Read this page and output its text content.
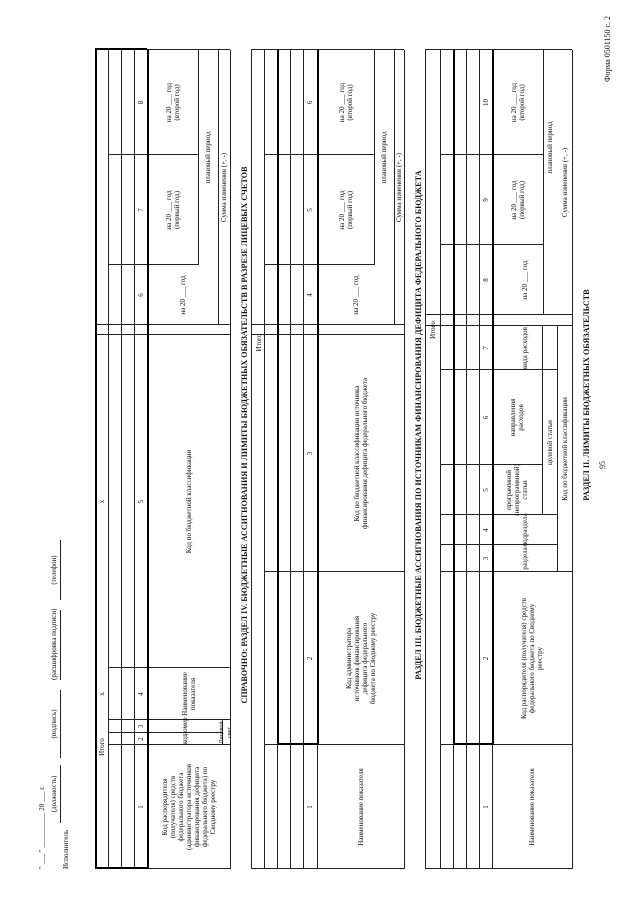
95
Форма 0501150 с. 2
РАЗДЕЛ II. ЛИМИТЫ БЮДЖЕТНЫХ ОБЯЗАТЕЛЬСТВ
Наименование показателя
Код распорядителя (получателя) средств федерального бюджета по Сводному реестру
Код по бюджетной классификации
раздела
подраздела
целевой статьи
программной (непрограммной) статьи
направления расходов
вида расходов
Сумма изменения (+, -)
на 20 ___ год
плановый период
на 20 ___ год (первый год)
на 20 ___ год (второй год)
1
2
3
4
5
6
7
8
9
10
Итого
РАЗДЕЛ III. БЮДЖЕТНЫЕ АССИГНОВАНИЯ ПО ИСТОЧНИКАМ ФИНАНСИРОВАНИЯ ДЕФИЦИТА ФЕДЕРАЛЬНОГО БЮДЖЕТА
Наименование показателя
Код администратора источников финансирования дефицита федерального бюджета по Сводному реестру
Код по бюджетной классификации источника финансирования дефицита федерального бюджета
Сумма изменения (+, -)
на 20 ___ год
плановый период
на 20 ___ год (первый год)
на 20 ___ год (второй год)
1
2
3
4
5
6
Итого
СПРАВОЧНО: РАЗДЕЛ IV. БЮДЖЕТНЫЕ АССИГНОВАНИЯ И ЛИМИТЫ БЮДЖЕТНЫХ ОБЯЗАТЕЛЬСТВ В РАЗРЕЗЕ ЛИЦЕВЫХ СЧЕТОВ
Код распорядителя (получателя) средств федерального бюджета (администратора источников финансирования дефицита федерального бюджета) по Сводному реестру
Лицевой счет
код
номер
Наименование показателя
Код по бюджетной классификации
Сумма изменения (+, -)
на 20 ___ год
плановый период
на 20 ___ год (первый год)
на 20 ___ год (второй год)
1
2
3
4
5
6
7
8
Итого
х
х
Исполнитель
(должность)
(подпись)
(расшифровка подписи)
(телефон)
" ___ " __________ 20 ___ г.
